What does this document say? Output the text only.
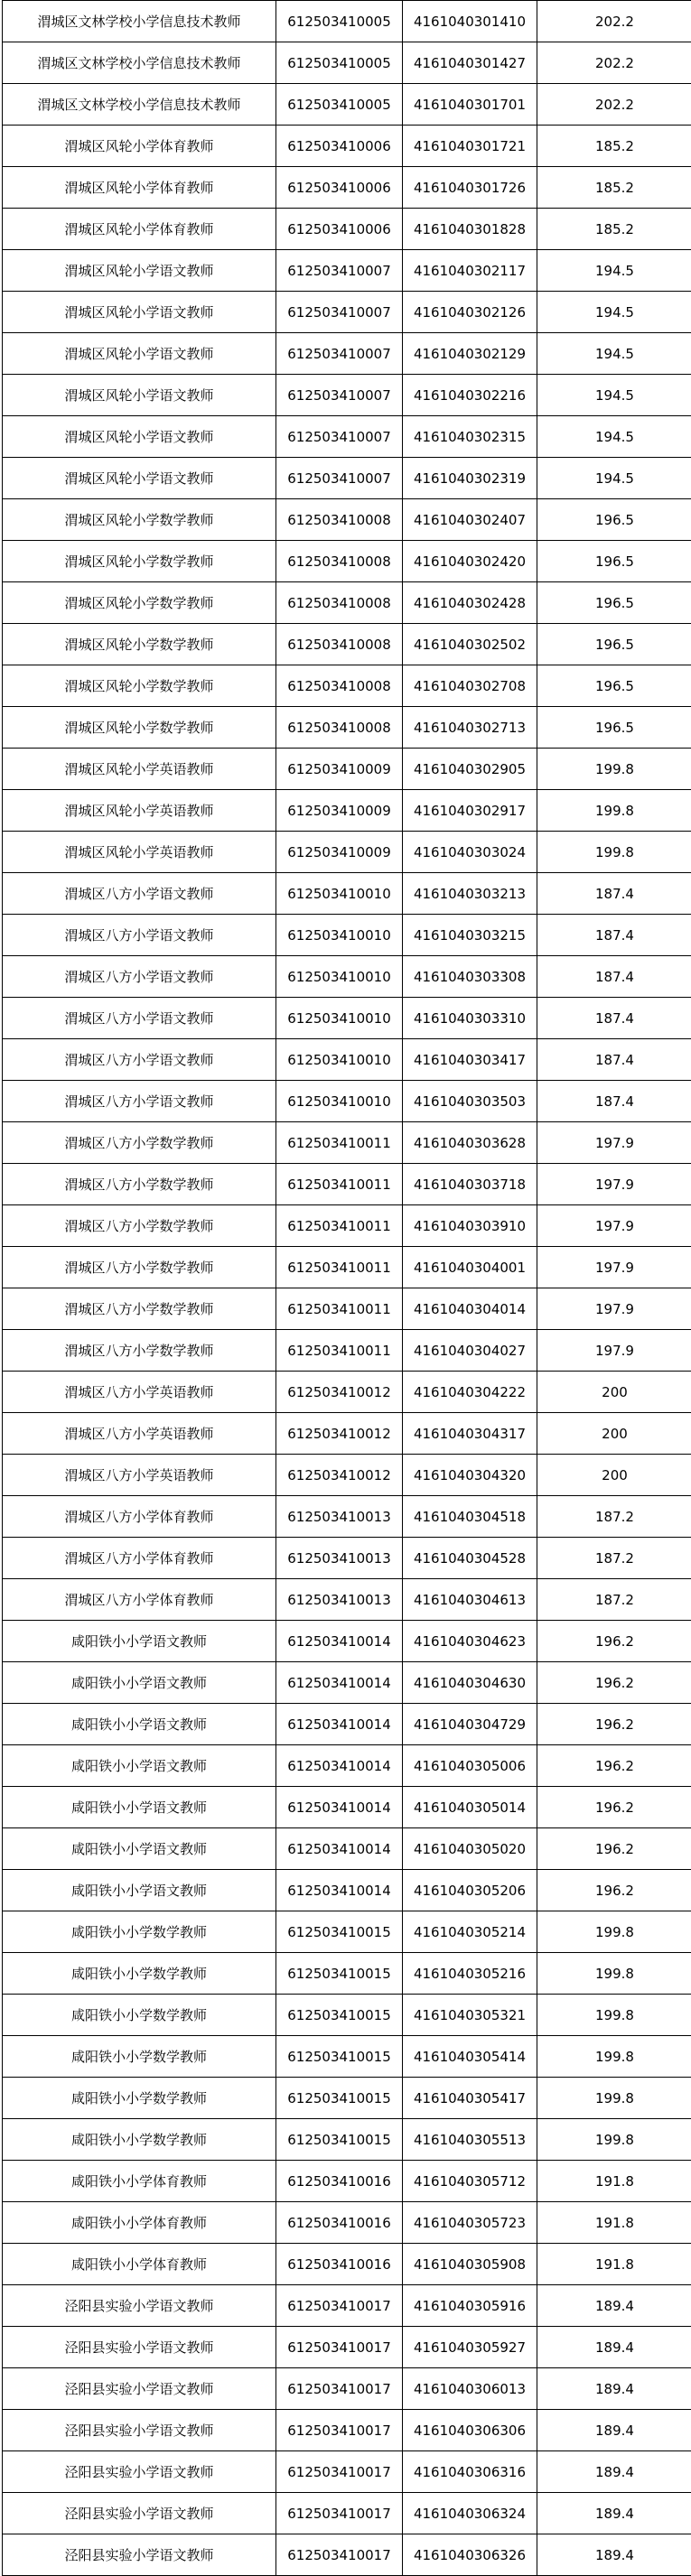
渭城区文林学校小学信息技术教师	612503410005	4161040301410	202.2
渭城区文林学校小学信息技术教师	612503410005	4161040301427	202.2
渭城区文林学校小学信息技术教师	612503410005	4161040301701	202.2
渭城区风轮小学体育教师	612503410006	4161040301721	185.2
渭城区风轮小学体育教师	612503410006	4161040301726	185.2
渭城区风轮小学体育教师	612503410006	4161040301828	185.2
渭城区风轮小学语文教师	612503410007	4161040302117	194.5
渭城区风轮小学语文教师	612503410007	4161040302126	194.5
渭城区风轮小学语文教师	612503410007	4161040302129	194.5
渭城区风轮小学语文教师	612503410007	4161040302216	194.5
渭城区风轮小学语文教师	612503410007	4161040302315	194.5
渭城区风轮小学语文教师	612503410007	4161040302319	194.5
渭城区风轮小学数学教师	612503410008	4161040302407	196.5
渭城区风轮小学数学教师	612503410008	4161040302420	196.5
渭城区风轮小学数学教师	612503410008	4161040302428	196.5
渭城区风轮小学数学教师	612503410008	4161040302502	196.5
渭城区风轮小学数学教师	612503410008	4161040302708	196.5
渭城区风轮小学数学教师	612503410008	4161040302713	196.5
渭城区风轮小学英语教师	612503410009	4161040302905	199.8
渭城区风轮小学英语教师	612503410009	4161040302917	199.8
渭城区风轮小学英语教师	612503410009	4161040303024	199.8
渭城区八方小学语文教师	612503410010	4161040303213	187.4
渭城区八方小学语文教师	612503410010	4161040303215	187.4
渭城区八方小学语文教师	612503410010	4161040303308	187.4
渭城区八方小学语文教师	612503410010	4161040303310	187.4
渭城区八方小学语文教师	612503410010	4161040303417	187.4
渭城区八方小学语文教师	612503410010	4161040303503	187.4
渭城区八方小学数学教师	612503410011	4161040303628	197.9
渭城区八方小学数学教师	612503410011	4161040303718	197.9
渭城区八方小学数学教师	612503410011	4161040303910	197.9
渭城区八方小学数学教师	612503410011	4161040304001	197.9
渭城区八方小学数学教师	612503410011	4161040304014	197.9
渭城区八方小学数学教师	612503410011	4161040304027	197.9
渭城区八方小学英语教师	612503410012	4161040304222	200
渭城区八方小学英语教师	612503410012	4161040304317	200
渭城区八方小学英语教师	612503410012	4161040304320	200
渭城区八方小学体育教师	612503410013	4161040304518	187.2
渭城区八方小学体育教师	612503410013	4161040304528	187.2
渭城区八方小学体育教师	612503410013	4161040304613	187.2
咸阳铁小小学语文教师	612503410014	4161040304623	196.2
咸阳铁小小学语文教师	612503410014	4161040304630	196.2
咸阳铁小小学语文教师	612503410014	4161040304729	196.2
咸阳铁小小学语文教师	612503410014	4161040305006	196.2
咸阳铁小小学语文教师	612503410014	4161040305014	196.2
咸阳铁小小学语文教师	612503410014	4161040305020	196.2
咸阳铁小小学语文教师	612503410014	4161040305206	196.2
咸阳铁小小学数学教师	612503410015	4161040305214	199.8
咸阳铁小小学数学教师	612503410015	4161040305216	199.8
咸阳铁小小学数学教师	612503410015	4161040305321	199.8
咸阳铁小小学数学教师	612503410015	4161040305414	199.8
咸阳铁小小学数学教师	612503410015	4161040305417	199.8
咸阳铁小小学数学教师	612503410015	4161040305513	199.8
咸阳铁小小学体育教师	612503410016	4161040305712	191.8
咸阳铁小小学体育教师	612503410016	4161040305723	191.8
咸阳铁小小学体育教师	612503410016	4161040305908	191.8
泾阳县实验小学语文教师	612503410017	4161040305916	189.4
泾阳县实验小学语文教师	612503410017	4161040305927	189.4
泾阳县实验小学语文教师	612503410017	4161040306013	189.4
泾阳县实验小学语文教师	612503410017	4161040306306	189.4
泾阳县实验小学语文教师	612503410017	4161040306316	189.4
泾阳县实验小学语文教师	612503410017	4161040306324	189.4
泾阳县实验小学语文教师	612503410017	4161040306326	189.4
